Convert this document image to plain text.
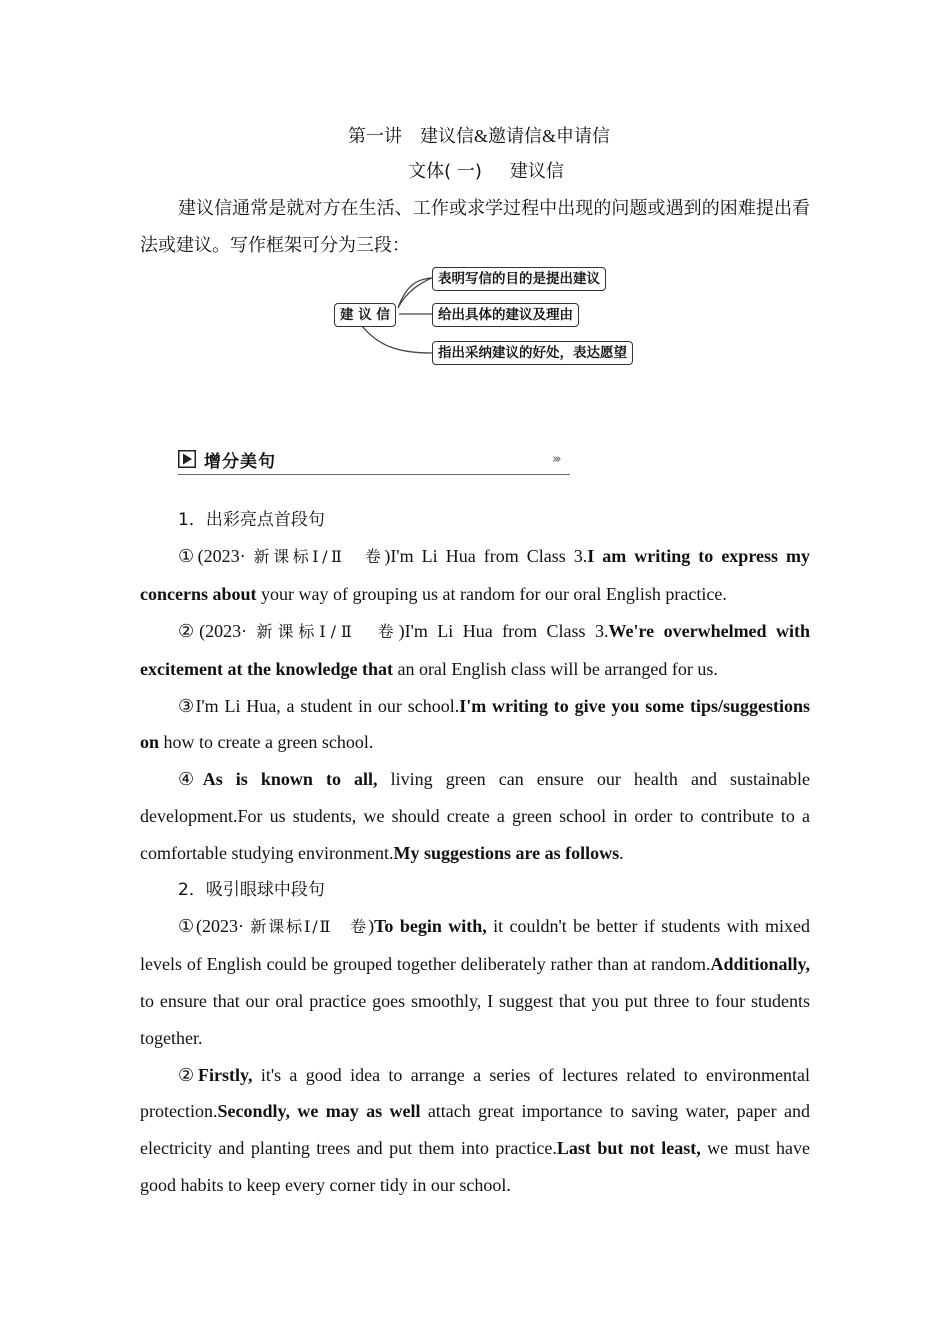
第一讲 建议信&邀请信&申请信
文体( 一) 建议信

建议信通常是就对方在生活、工作或求学过程中出现的问题或遇到的困难提出看法或建议。写作框架可分为三段：

建 议 信
表明写信的目的是提出建议
给出具体的建议及理由
指出采纳建议的好处，表达愿望
增分美句	›››

1．出彩亮点首段句

①(2023· 新课标Ⅰ/Ⅱ　卷)I'm Li Hua from Class 3.I am writing to express my concerns about your way of grouping us at random for our oral English practice.

②(2023· 新课标Ⅰ/Ⅱ　卷)I'm Li Hua from Class 3.We're overwhelmed with excitement at the knowledge that an oral English class will be arranged for us.

③I'm Li Hua, a student in our school.I'm writing to give you some tips/suggestions on how to create a green school.

④As is known to all, living green can ensure our health and sustainable development.For us students, we should create a green school in order to contribute to a comfortable studying environment.My suggestions are as follows.

2．吸引眼球中段句

①(2023· 新课标Ⅰ/Ⅱ　卷)To begin with, it couldn't be better if students with mixed levels of English could be grouped together deliberately rather than at random.Additionally, to ensure that our oral practice goes smoothly, I suggest that you put three to four students together.

②Firstly, it's a good idea to arrange a series of lectures related to environmental protection.Secondly, we may as well attach great importance to saving water, paper and electricity and planting trees and put them into practice.Last but not least, we must have good habits to keep every corner tidy in our school.
